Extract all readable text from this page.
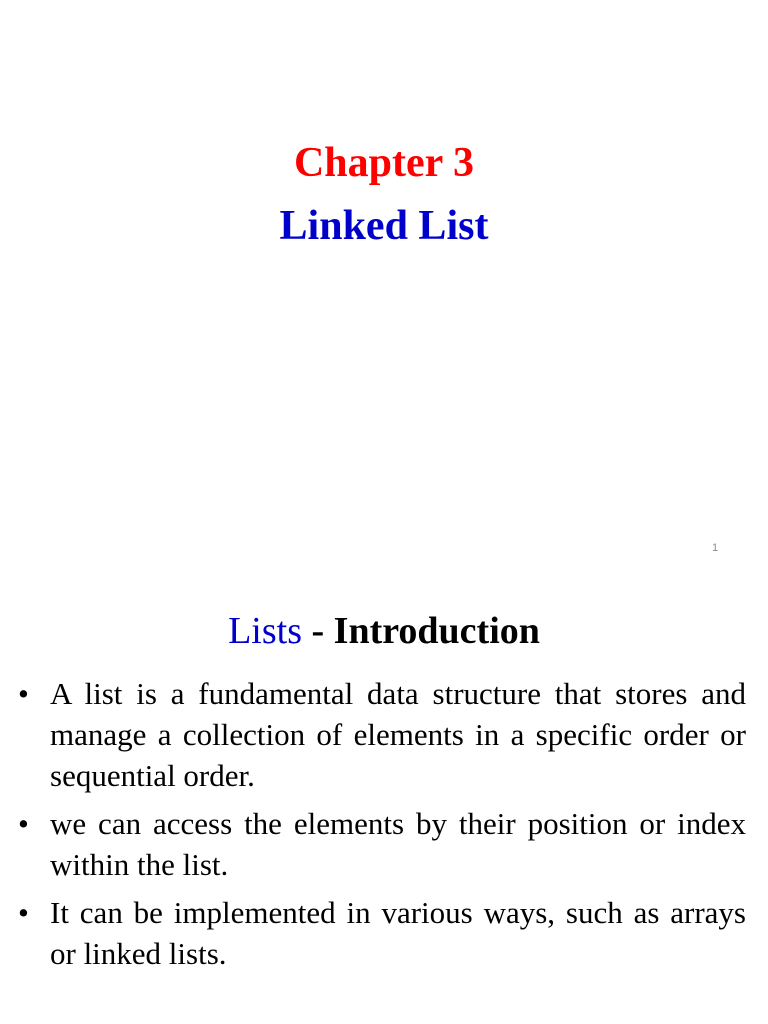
Chapter 3
Linked List
1
Lists - Introduction
• A list is a fundamental data structure that stores and manage a collection of elements in a specific order or sequential order.
• we can access the elements by their position or index within the list.
• It can be implemented in various ways, such as arrays or linked lists.
